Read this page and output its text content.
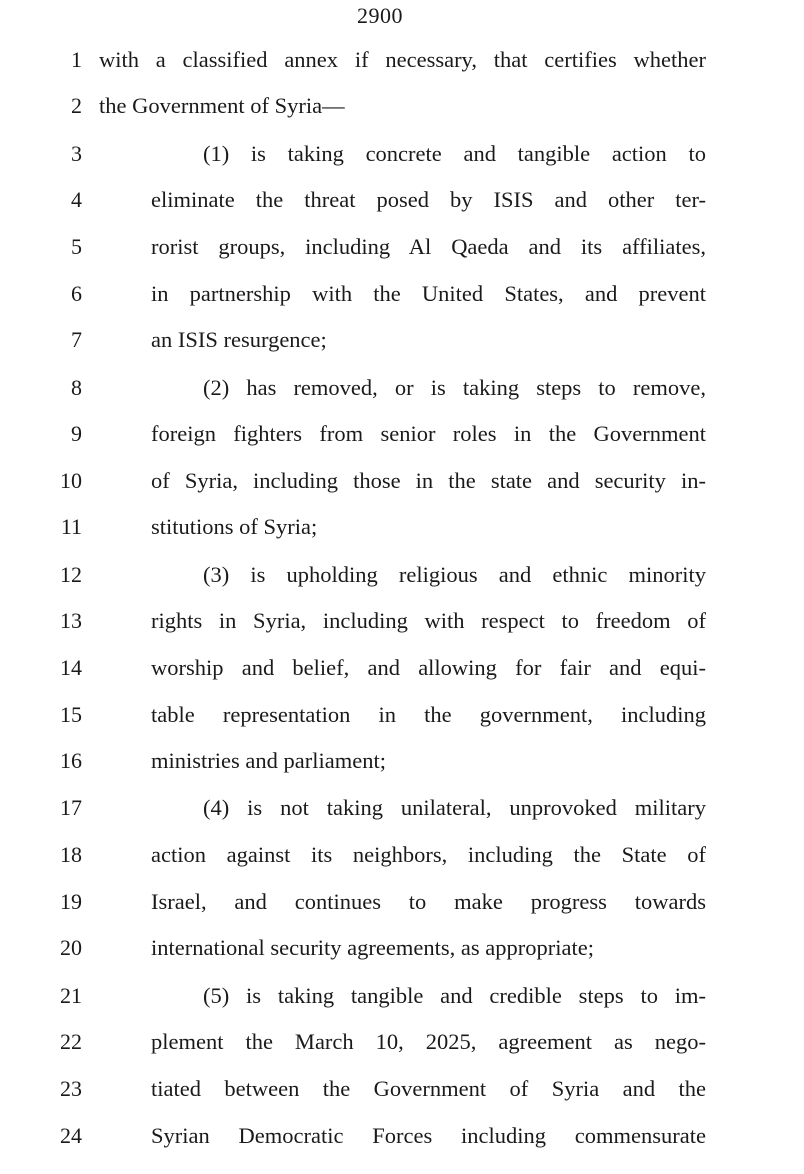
2900
1 with a classified annex if necessary, that certifies whether
2 the Government of Syria—
3	(1) is taking concrete and tangible action to
4	eliminate the threat posed by ISIS and other ter-
5	rorist groups, including Al Qaeda and its affiliates,
6	in partnership with the United States, and prevent
7	an ISIS resurgence;
8	(2) has removed, or is taking steps to remove,
9	foreign fighters from senior roles in the Government
10	of Syria, including those in the state and security in-
11	stitutions of Syria;
12	(3) is upholding religious and ethnic minority
13	rights in Syria, including with respect to freedom of
14	worship and belief, and allowing for fair and equi-
15	table representation in the government, including
16	ministries and parliament;
17	(4) is not taking unilateral, unprovoked military
18	action against its neighbors, including the State of
19	Israel, and continues to make progress towards
20	international security agreements, as appropriate;
21	(5) is taking tangible and credible steps to im-
22	plement the March 10, 2025, agreement as nego-
23	tiated between the Government of Syria and the
24	Syrian Democratic Forces including commensurate
